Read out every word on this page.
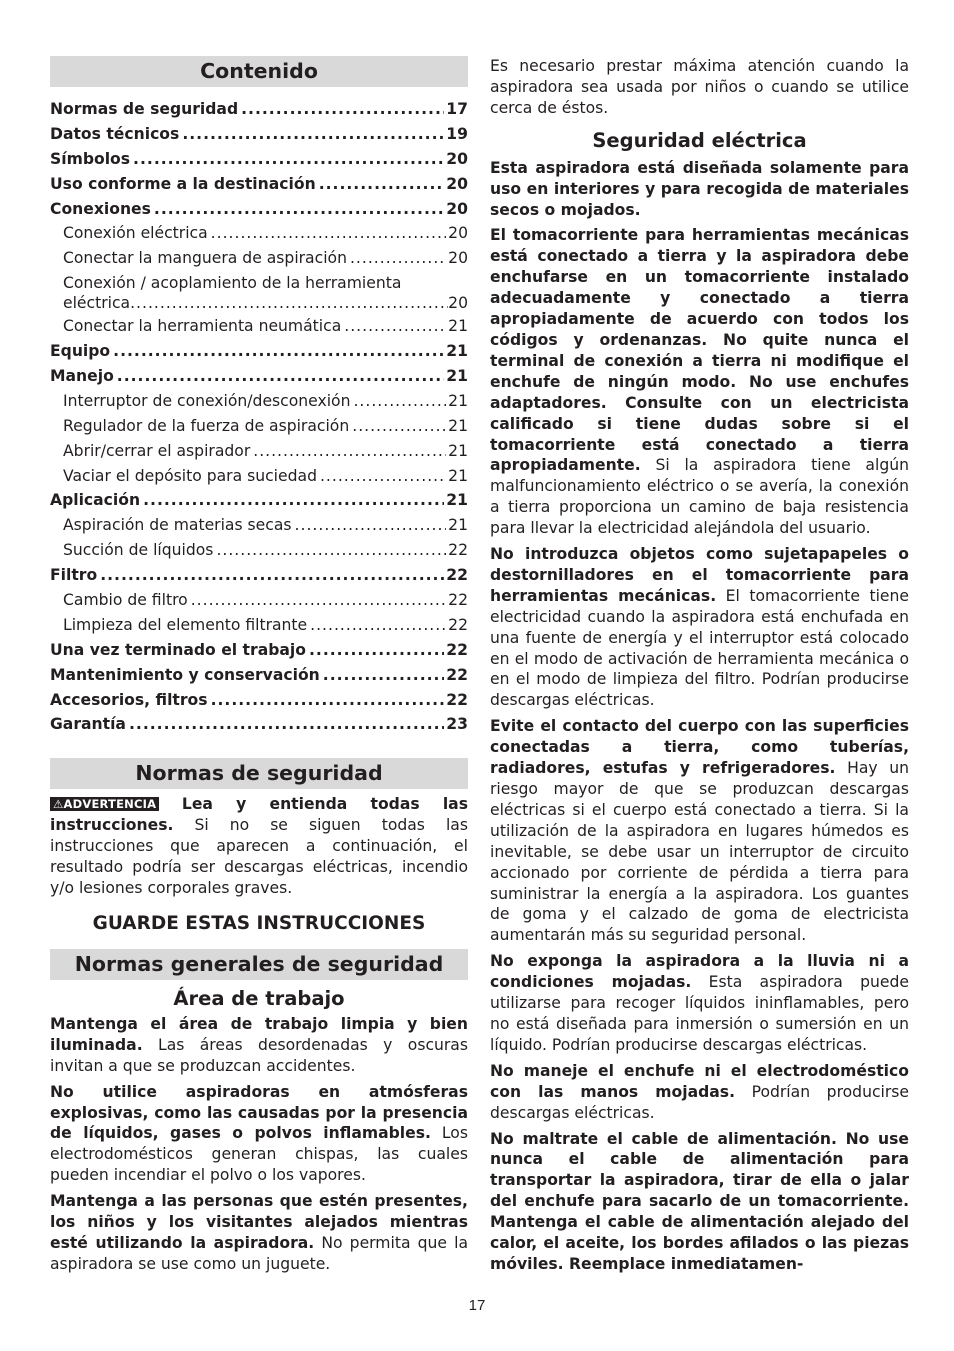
Contenido
Normas de seguridad .....	17
Datos técnicos .....	19
Símbolos .....	20
Uso conforme a la destinación .....	20
Conexiones .....	20
Conexión eléctrica .....	20
Conectar la manguera de aspiración .....	20
Conexión / acoplamiento de la herramienta
eléctrica .....	20
Conectar la herramienta neumática .....	21
Equipo .....	21
Manejo .....	21
Interruptor de conexión/desconexión .....	21
Regulador de la fuerza de aspiración .....	21
Abrir/cerrar el aspirador .....	21
Vaciar el depósito para suciedad .....	21
Aplicación .....	21
Aspiración de materias secas .....	21
Succión de líquidos .....	22
Filtro .....	22
Cambio de filtro .....	22
Limpieza del elemento filtrante .....	22
Una vez terminado el trabajo .....	22
Mantenimiento y conservación .....	22
Accesorios, filtros .....	22
Garantía .....	23
Normas de seguridad

⚠ADVERTENCIA Lea y entienda todas las instrucciones. Si no se siguen todas las instrucciones que aparecen a continuación, el resultado podría ser descargas eléctricas, incendio y/o lesiones corporales graves.

GUARDE ESTAS INSTRUCCIONES
Normas generales de seguridad
Área de trabajo

Mantenga el área de trabajo limpia y bien iluminada. Las áreas desordenadas y oscuras invitan a que se produzcan accidentes.

No utilice aspiradoras en atmósferas explosivas, como las causadas por la presencia de líquidos, gases o polvos inflamables. Los electrodomésticos generan chispas, las cuales pueden incendiar el polvo o los vapores.

Mantenga a las personas que estén presentes, los niños y los visitantes alejados mientras esté utilizando la aspiradora. No permita que la aspiradora se use como un juguete.

Es necesario prestar máxima atención cuando la aspiradora sea usada por niños o cuando se utilice cerca de éstos.

Seguridad eléctrica

Esta aspiradora está diseñada solamente para uso en interiores y para recogida de materiales secos o mojados.

El tomacorriente para herramientas mecánicas está conectado a tierra y la aspiradora debe enchufarse en un tomacorriente instalado adecuadamente y conectado a tierra apropiadamente de acuerdo con todos los códigos y ordenanzas. No quite nunca el terminal de conexión a tierra ni modifique el enchufe de ningún modo. No use enchufes adaptadores. Consulte con un electricista calificado si tiene dudas sobre si el tomacorriente está conectado a tierra apropiadamente. Si la aspiradora tiene algún malfuncionamiento eléctrico o se avería, la conexión a tierra proporciona un camino de baja resistencia para llevar la electricidad alejándola del usuario.

No introduzca objetos como sujetapapeles o destornilladores en el tomacorriente para herramientas mecánicas. El tomacorriente tiene electricidad cuando la aspiradora está enchufada en una fuente de energía y el interruptor está colocado en el modo de activación de herramienta mecánica o en el modo de limpieza del filtro. Podrían producirse descargas eléctricas.

Evite el contacto del cuerpo con las superficies conectadas a tierra, como tuberías, radiadores, estufas y refrigeradores. Hay un riesgo mayor de que se produzcan descargas eléctricas si el cuerpo está conectado a tierra. Si la utilización de la aspiradora en lugares húmedos es inevitable, se debe usar un interruptor de circuito accionado por corriente de pérdida a tierra para suministrar la energía a la aspiradora. Los guantes de goma y el calzado de goma de electricista aumentarán más su seguridad personal.

No exponga la aspiradora a la lluvia ni a condiciones mojadas. Esta aspiradora puede utilizarse para recoger líquidos ininflamables, pero no está diseñada para inmersión o sumersión en un líquido. Podrían producirse descargas eléctricas.

No maneje el enchufe ni el electrodoméstico con las manos mojadas. Podrían producirse descargas eléctricas.

No maltrate el cable de alimentación. No use nunca el cable de alimentación para transportar la aspiradora, tirar de ella o jalar del enchufe para sacarlo de un tomacorriente. Mantenga el cable de alimentación alejado del calor, el aceite, los bordes afilados o las piezas móviles. Reemplace inmediatamen-

17
